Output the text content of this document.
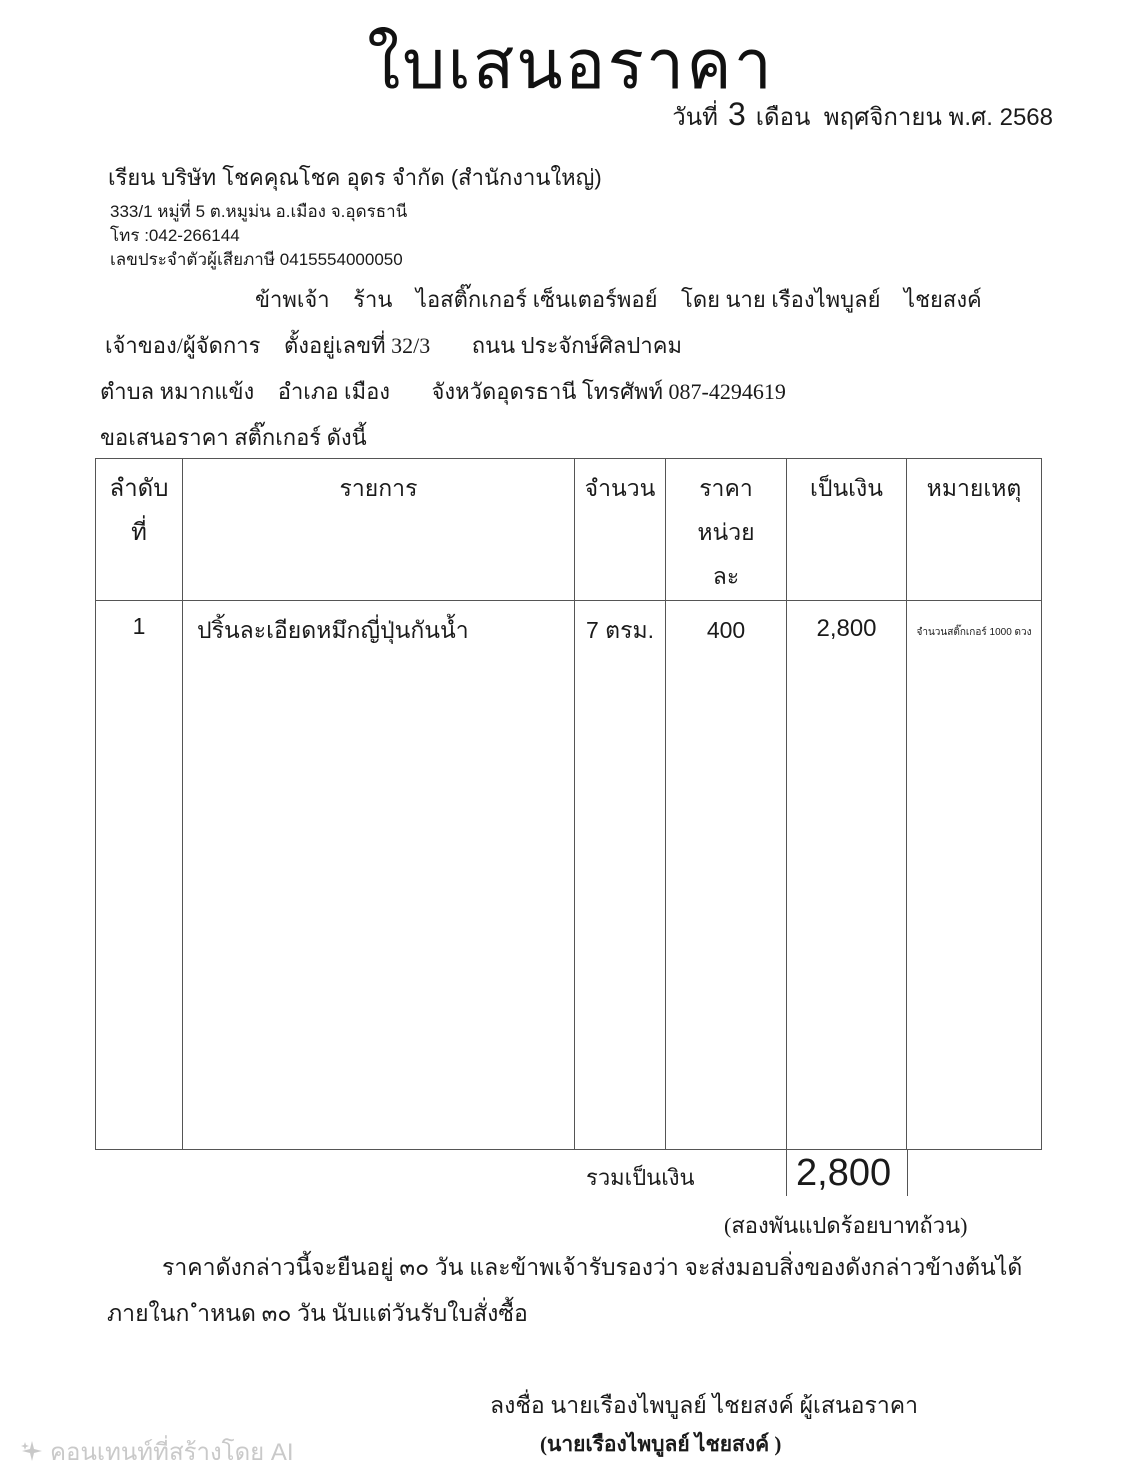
ใบเสนอราคา
วันที่ 3 เดือน พฤศจิกายน พ.ศ. 2568
เรียน บริษัท โชคคุณโชค อุดร จำกัด (สำนักงานใหญ่)
333/1 หมู่ที่ 5 ต.หมูม่น อ.เมือง จ.อุดรธานี
โทร :042-266144
เลขประจำตัวผู้เสียภาษี 0415554000050
ข้าพเจ้า ร้าน ไอสติ๊กเกอร์ เซ็นเตอร์พอย์ โดย นาย เรืองไพบูลย์ ไชยสงค์
เจ้าของ/ผู้จัดการ ตั้งอยู่เลขที่ 32/3 ถนน ประจักษ์ศิลปาคม
ตำบล หมากแข้ง อำเภอ เมือง จังหวัดอุดรธานี โทรศัพท์ 087-4294619
ขอเสนอราคา สติ๊กเกอร์ ดังนี้
ลำดับ ที่	รายการ	จำนวน	ราคา หน่วยละ	เป็นเงิน	หมายเหตุ
1	ปริ้นละเอียดหมึกญี่ปุ่นกันน้ำ	7 ตรม.	400	2,800	จำนวนสติ๊กเกอร์ 1000 ดวง
รวมเป็นเงิน	2,800
(สองพันแปดร้อยบาทถ้วน)
ราคาดังกล่าวนี้จะยืนอยู่ ๓๐ วัน และข้าพเจ้ารับรองว่า จะส่งมอบสิ่งของดังกล่าวข้างต้นได้
ภายในก ำหนด ๓๐ วัน นับแต่วันรับใบสั่งซื้อ
ลงชื่อ นายเรืองไพบูลย์ ไชยสงค์ ผู้เสนอราคา
(นายเรืองไพบูลย์ ไชยสงค์ )
คอนเทนท์ที่สร้างโดย AI
